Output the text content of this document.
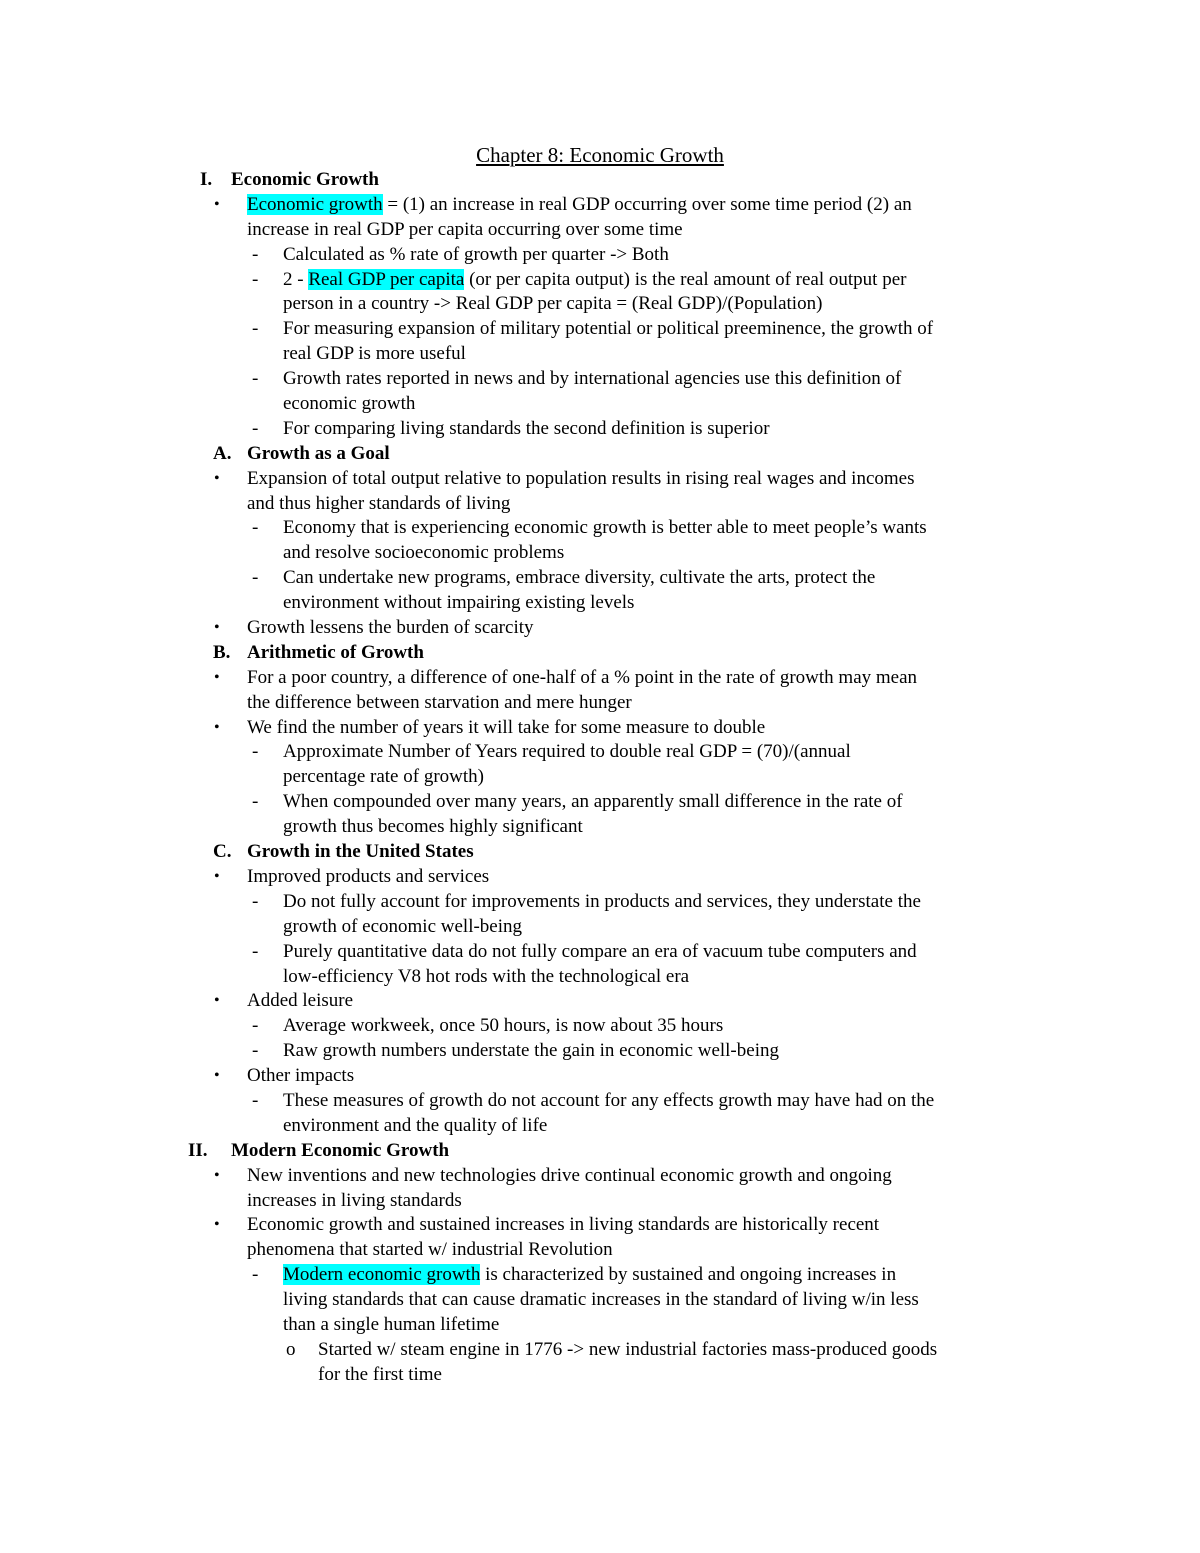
Chapter 8: Economic Growth
I. Economic Growth
• Economic growth = (1) an increase in real GDP occurring over some time period (2) an
increase in real GDP per capita occurring over some time
- Calculated as % rate of growth per quarter -> Both
- 2 - Real GDP per capita (or per capita output) is the real amount of real output per
person in a country -> Real GDP per capita = (Real GDP)/(Population)
- For measuring expansion of military potential or political preeminence, the growth of
real GDP is more useful
- Growth rates reported in news and by international agencies use this definition of
economic growth
- For comparing living standards the second definition is superior
A. Growth as a Goal
• Expansion of total output relative to population results in rising real wages and incomes
and thus higher standards of living
- Economy that is experiencing economic growth is better able to meet people’s wants
and resolve socioeconomic problems
- Can undertake new programs, embrace diversity, cultivate the arts, protect the
environment without impairing existing levels
• Growth lessens the burden of scarcity
B. Arithmetic of Growth
• For a poor country, a difference of one-half of a % point in the rate of growth may mean
the difference between starvation and mere hunger
• We find the number of years it will take for some measure to double
- Approximate Number of Years required to double real GDP = (70)/(annual
percentage rate of growth)
- When compounded over many years, an apparently small difference in the rate of
growth thus becomes highly significant
C. Growth in the United States
• Improved products and services
- Do not fully account for improvements in products and services, they understate the
growth of economic well-being
- Purely quantitative data do not fully compare an era of vacuum tube computers and
low-efficiency V8 hot rods with the technological era
• Added leisure
- Average workweek, once 50 hours, is now about 35 hours
- Raw growth numbers understate the gain in economic well-being
• Other impacts
- These measures of growth do not account for any effects growth may have had on the
environment and the quality of life
II. Modern Economic Growth
• New inventions and new technologies drive continual economic growth and ongoing
increases in living standards
• Economic growth and sustained increases in living standards are historically recent
phenomena that started w/ industrial Revolution
- Modern economic growth is characterized by sustained and ongoing increases in
living standards that can cause dramatic increases in the standard of living w/in less
than a single human lifetime
o Started w/ steam engine in 1776 -> new industrial factories mass-produced goods
for the first time
